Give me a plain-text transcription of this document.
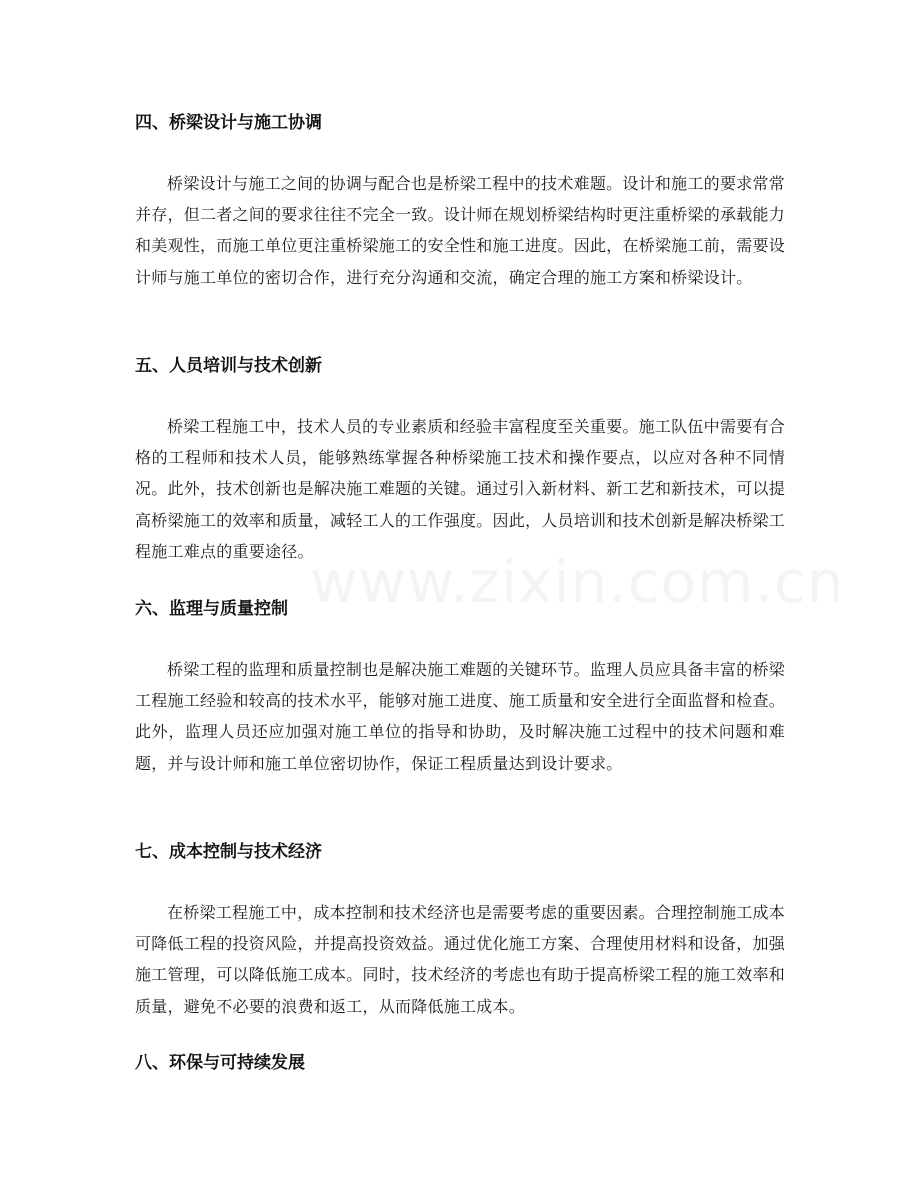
四、桥梁设计与施工协调

桥梁设计与施工之间的协调与配合也是桥梁工程中的技术难题。设计和施工的要求常常并存，但二者之间的要求往往不完全一致。设计师在规划桥梁结构时更注重桥梁的承载能力和美观性，而施工单位更注重桥梁施工的安全性和施工进度。因此，在桥梁施工前，需要设计师与施工单位的密切合作，进行充分沟通和交流，确定合理的施工方案和桥梁设计。

五、人员培训与技术创新

桥梁工程施工中，技术人员的专业素质和经验丰富程度至关重要。施工队伍中需要有合格的工程师和技术人员，能够熟练掌握各种桥梁施工技术和操作要点，以应对各种不同情况。此外，技术创新也是解决施工难题的关键。通过引入新材料、新工艺和新技术，可以提高桥梁施工的效率和质量，减轻工人的工作强度。因此，人员培训和技术创新是解决桥梁工程施工难点的重要途径。

六、监理与质量控制

桥梁工程的监理和质量控制也是解决施工难题的关键环节。监理人员应具备丰富的桥梁工程施工经验和较高的技术水平，能够对施工进度、施工质量和安全进行全面监督和检查。此外，监理人员还应加强对施工单位的指导和协助，及时解决施工过程中的技术问题和难题，并与设计师和施工单位密切协作，保证工程质量达到设计要求。

七、成本控制与技术经济

在桥梁工程施工中，成本控制和技术经济也是需要考虑的重要因素。合理控制施工成本可降低工程的投资风险，并提高投资效益。通过优化施工方案、合理使用材料和设备，加强施工管理，可以降低施工成本。同时，技术经济的考虑也有助于提高桥梁工程的施工效率和质量，避免不必要的浪费和返工，从而降低施工成本。

八、环保与可持续发展
www.zixin.com.cn
